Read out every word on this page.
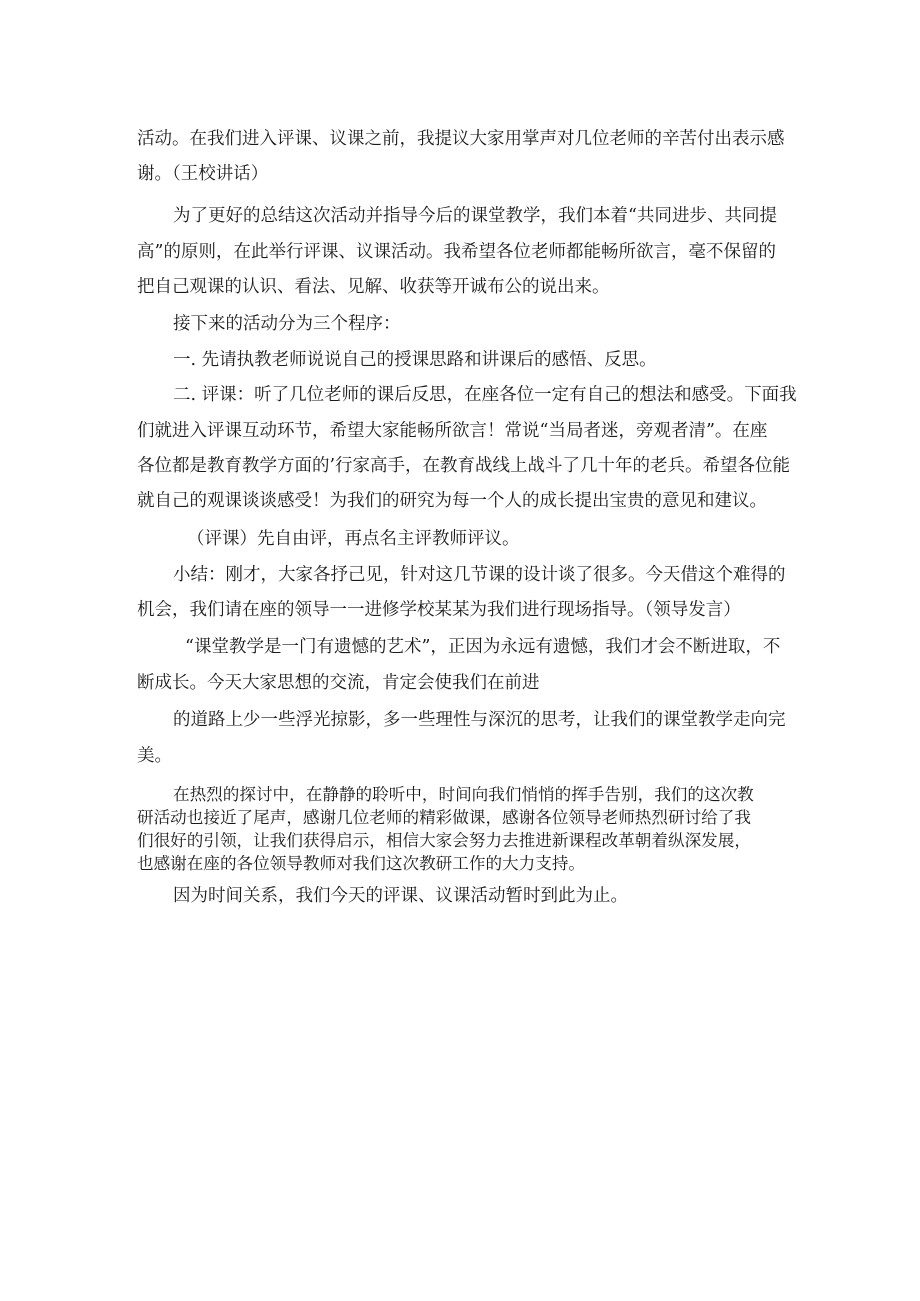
活动。在我们进入评课、议课之前，我提议大家用掌声对几位老师的辛苦付出表示感
谢。（王校讲话）
为了更好的总结这次活动并指导今后的课堂教学，我们本着“共同进步、共同提
高”的原则，在此举行评课、议课活动。我希望各位老师都能畅所欲言，毫不保留的
把自己观课的认识、看法、见解、收获等开诚布公的说出来。
接下来的活动分为三个程序：
一. 先请执教老师说说自己的授课思路和讲课后的感悟、反思。
二. 评课：听了几位老师的课后反思，在座各位一定有自己的想法和感受。下面我
们就进入评课互动环节，希望大家能畅所欲言！常说“当局者迷，旁观者清”。在座
各位都是教育教学方面的’行家高手，在教育战线上战斗了几十年的老兵。希望各位能
就自己的观课谈谈感受！为我们的研究为每一个人的成长提出宝贵的意见和建议。
（评课）先自由评，再点名主评教师评议。
小结：刚才，大家各抒己见，针对这几节课的设计谈了很多。今天借这个难得的
机会，我们请在座的领导一一进修学校某某为我们进行现场指导。（领导发言）
“课堂教学是一门有遗憾的艺术”，正因为永远有遗憾，我们才会不断进取，不
断成长。今天大家思想的交流，肯定会使我们在前进
的道路上少一些浮光掠影，多一些理性与深沉的思考，让我们的课堂教学走向完
美。
在热烈的探讨中，在静静的聆听中，时间向我们悄悄的挥手告别，我们的这次教
研活动也接近了尾声，感谢几位老师的精彩做课，感谢各位领导老师热烈研讨给了我
们很好的引领，让我们获得启示，相信大家会努力去推进新课程改革朝着纵深发展，
也感谢在座的各位领导教师对我们这次教研工作的大力支持。
因为时间关系，我们今天的评课、议课活动暂时到此为止。
